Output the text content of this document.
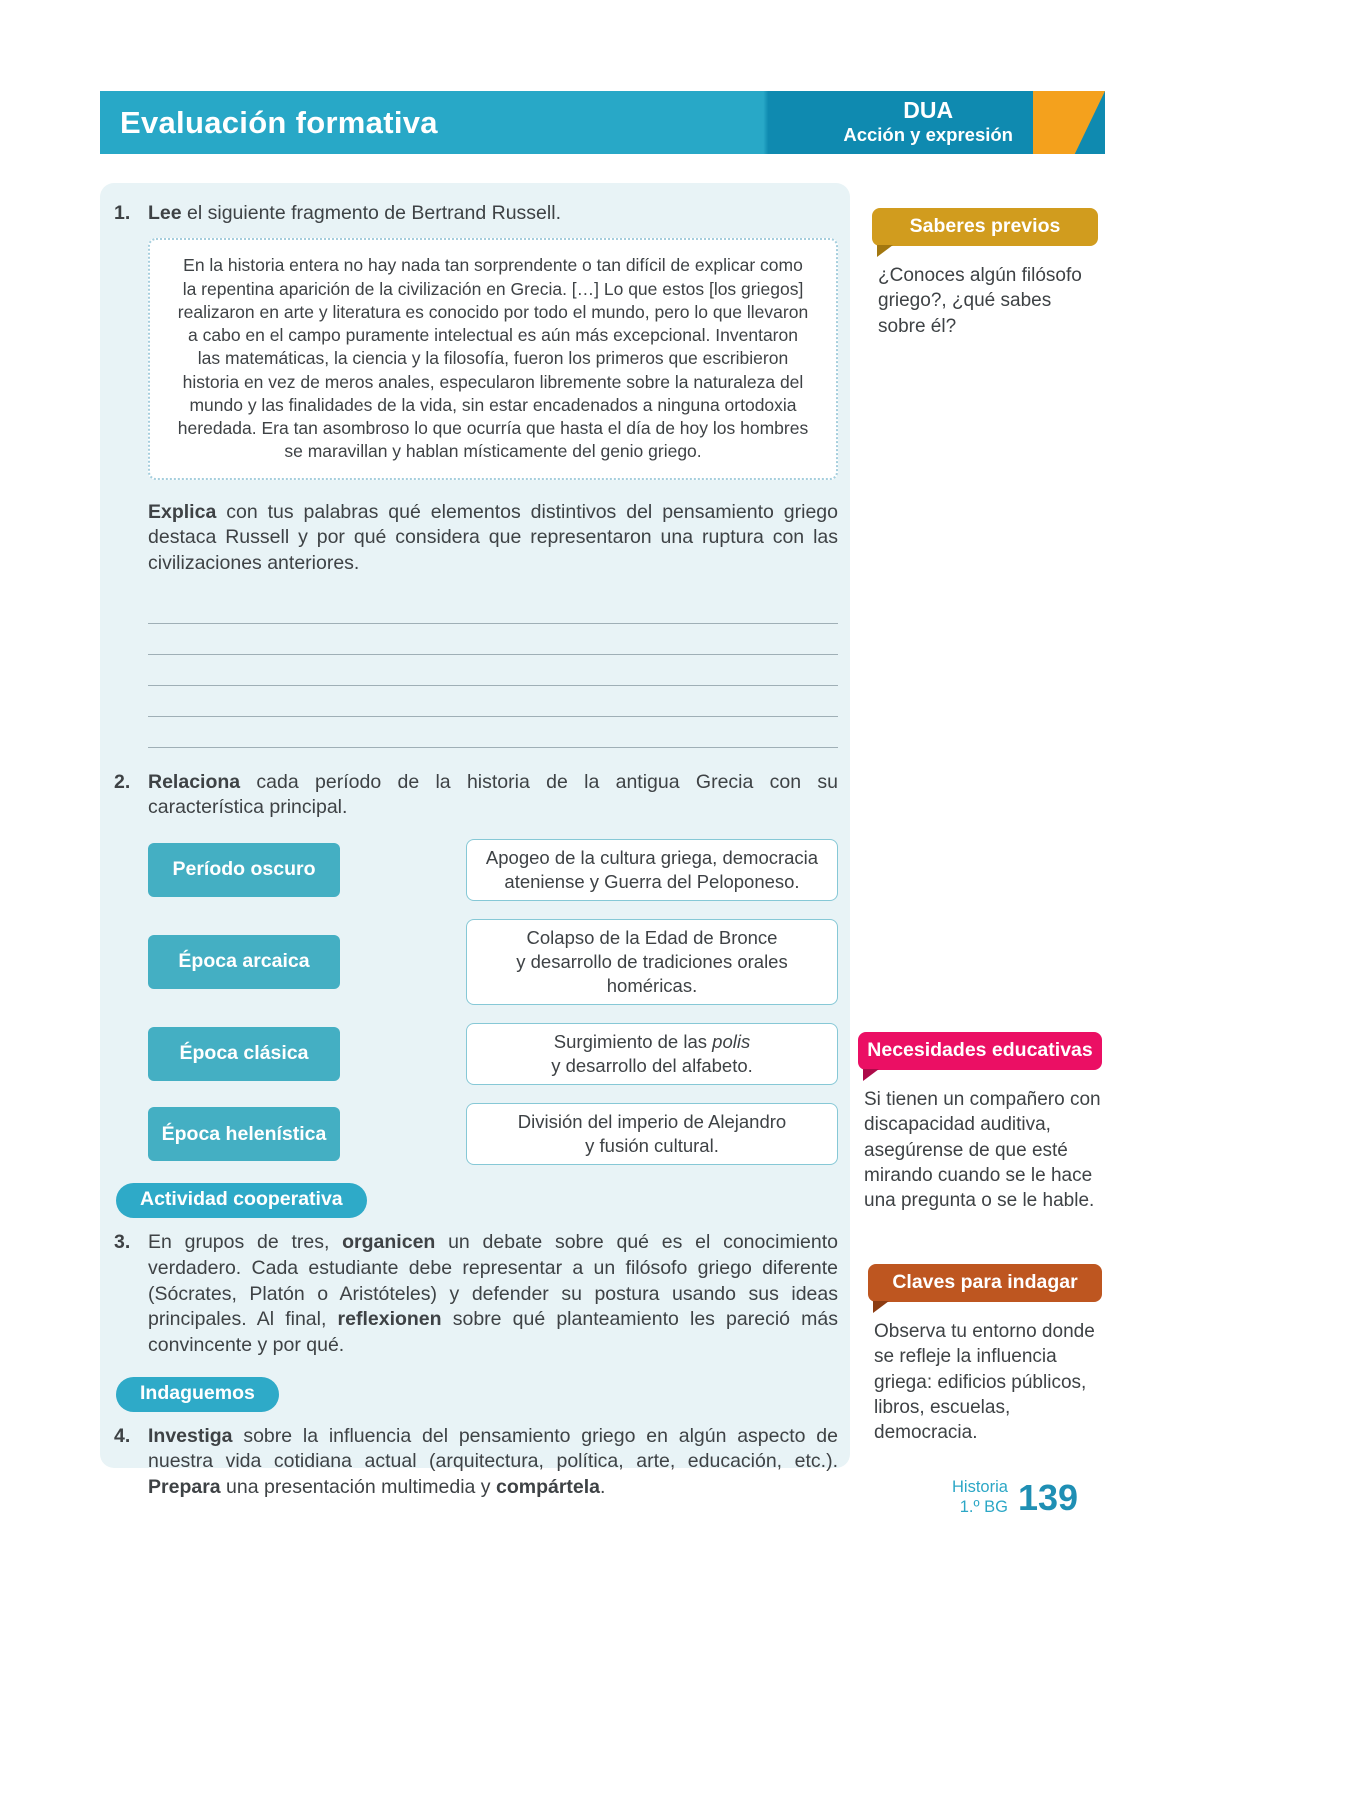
Evaluación formativa	DUA
Acción y expresión
1. Lee el siguiente fragmento de Bertrand Russell.

En la historia entera no hay nada tan sorprendente o tan difícil de explicar como la repentina aparición de la civilización en Grecia. […] Lo que estos [los griegos] realizaron en arte y literatura es conocido por todo el mundo, pero lo que llevaron a cabo en el campo puramente intelectual es aún más excepcional. Inventaron las matemáticas, la ciencia y la filosofía, fueron los primeros que escribieron historia en vez de meros anales, especularon libremente sobre la naturaleza del mundo y las finalidades de la vida, sin estar encadenados a ninguna ortodoxia heredada. Era tan asombroso lo que ocurría que hasta el día de hoy los hombres se maravillan y hablan místicamente del genio griego.

Explica con tus palabras qué elementos distintivos del pensamiento griego destaca Russell y por qué considera que representaron una ruptura con las civilizaciones anteriores.

2. Relaciona cada período de la historia de la antigua Grecia con su característica principal.

Período oscuro
Apogeo de la cultura griega, democracia
ateniense y Guerra del Peloponeso.
Época arcaica
Colapso de la Edad de Bronce
y desarrollo de tradiciones orales homéricas.
Época clásica
Surgimiento de las polis
y desarrollo del alfabeto.
Época helenística
División del imperio de Alejandro
y fusión cultural.
Actividad cooperativa
3. En grupos de tres, organicen un debate sobre qué es el conocimiento verdadero. Cada estudiante debe representar a un filósofo griego diferente (Sócrates, Platón o Aristóteles) y defender su postura usando sus ideas principales. Al final, reflexionen sobre qué planteamiento les pareció más convincente y por qué.

Indaguemos
4. Investiga sobre la influencia del pensamiento griego en algún aspecto de nuestra vida cotidiana actual (arquitectura, política, arte, educación, etc.). Prepara una presentación multimedia y compártela.

Saberes previos
¿Conoces algún filósofo griego?, ¿qué sabes sobre él?
Necesidades educativas
Si tienen un compañero con discapacidad auditiva, asegúrense de que esté mirando cuando se le hace una pregunta o se le hable.
Claves para indagar
Observa tu entorno donde se refleje la influencia griega: edificios públicos, libros, escuelas, democracia.
Historia
1.º BG 139
